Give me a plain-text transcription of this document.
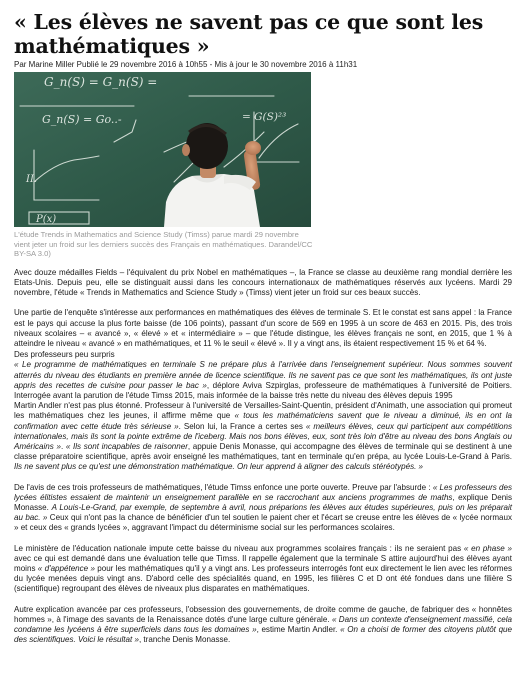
« Les élèves ne savent pas ce que sont les mathématiques »
Par Marine Miller Publié le 29 novembre 2016 à 10h55 - Mis à jour le 30 novembre 2016 à 11h31
G_n(S) = G_n(S) =
G_n(S) = Go..-	= G(S)²³
II.
P(x)
L'étude Trends in Mathematics and Science Study (Timss) parue mardi 29 novembre vient jeter un froid sur les derniers succès des Français en mathématiques. Darandel/CC BY-SA 3.0)

Avec douze médailles Fields – l'équivalent du prix Nobel en mathématiques –, la France se classe au deuxième rang mondial derrière les Etats-Unis. Depuis peu, elle se distinguait aussi dans les concours internationaux de mathématiques réservés aux lycéens. Mardi 29 novembre, l'étude « Trends in Mathematics and Science Study » (Timss) vient jeter un froid sur ces beaux succès.

Une partie de l'enquête s'intéresse aux performances en mathématiques des élèves de terminale S. Et le constat est sans appel : la France est le pays qui accuse la plus forte baisse (de 106 points), passant d'un score de 569 en 1995 à un score de 463 en 2015. Pis, des trois niveaux scolaires – « avancé », « élevé » et « intermédiaire » – que l'étude distingue, les élèves français ne sont, en 2015, que 1 % à atteindre le niveau « avancé » en mathématiques, et 11 % le seuil « élevé ». Il y a vingt ans, ils étaient respectivement 15 % et 64 %.

Des professeurs peu surpris

« Le programme de mathématiques en terminale S ne prépare plus à l'arrivée dans l'enseignement supérieur. Nous sommes souvent atterrés du niveau des étudiants en première année de licence scientifique. Ils ne savent pas ce que sont les mathématiques, ils ont juste appris des recettes de cuisine pour passer le bac », déplore Aviva Szpirglas, professeure de mathématiques à l'université de Poitiers. Interrogée avant la parution de l'étude Timss 2015, mais informée de la baisse très nette du niveau des élèves depuis 1995

Martin Andler n'est pas plus étonné. Professeur à l'université de Versailles-Saint-Quentin, président d'Animath, une association qui promeut les mathématiques chez les jeunes, il affirme même que « tous les mathématiciens savent que le niveau a diminué, ils en ont la confirmation avec cette étude très sérieuse ». Selon lui, la France a certes ses « meilleurs élèves, ceux qui participent aux compétitions internationales, mais ils sont la pointe extrême de l'iceberg. Mais nos bons élèves, eux, sont très loin d'être au niveau des bons Anglais ou Américains ». « Ils sont incapables de raisonner, appuie Denis Monasse, qui accompagne des élèves de terminale qui se destinent à une classe préparatoire scientifique, après avoir enseigné les mathématiques, tant en terminale qu'en prépa, au lycée Louis-Le-Grand à Paris. Ils ne savent plus ce qu'est une démonstration mathématique. On leur apprend à aligner des calculs stéréotypés. »

De l'avis de ces trois professeurs de mathématiques, l'étude Timss enfonce une porte ouverte. Preuve par l'absurde : « Les professeurs des lycées élitistes essaient de maintenir un enseignement parallèle en se raccrochant aux anciens programmes de maths, explique Denis Monasse. A Louis-Le-Grand, par exemple, de septembre à avril, nous préparions les élèves aux études supérieures, puis on les préparait au bac. » Ceux qui n'ont pas la chance de bénéficier d'un tel soutien le paient cher et l'écart se creuse entre les élèves de « lycée normaux » et ceux des « grands lycées », aggravant l'impact du déterminisme social sur les performances scolaires.

Le ministère de l'éducation nationale impute cette baisse du niveau aux programmes scolaires français : ils ne seraient pas « en phase » avec ce qui est demandé dans une évaluation telle que Timss. Il rappelle également que la terminale S attire aujourd'hui des élèves ayant moins « d'appétence » pour les mathématiques qu'il y a vingt ans. Les professeurs interrogés font eux directement le lien avec les réformes du lycée menées depuis vingt ans. D'abord celle des spécialités quand, en 1995, les filières C et D ont été fondues dans une filière S (scientifique) regroupant des élèves de niveaux plus disparates en mathématiques.

Autre explication avancée par ces professeurs, l'obsession des gouvernements, de droite comme de gauche, de fabriquer des « honnêtes hommes », à l'image des savants de la Renaissance dotés d'une large culture générale. « Dans un contexte d'enseignement massifié, cela condamne les lycéens à être superficiels dans tous les domaines », estime Martin Andler. « On a choisi de former des citoyens plutôt que des scientifiques. Voici le résultat », tranche Denis Monasse.
